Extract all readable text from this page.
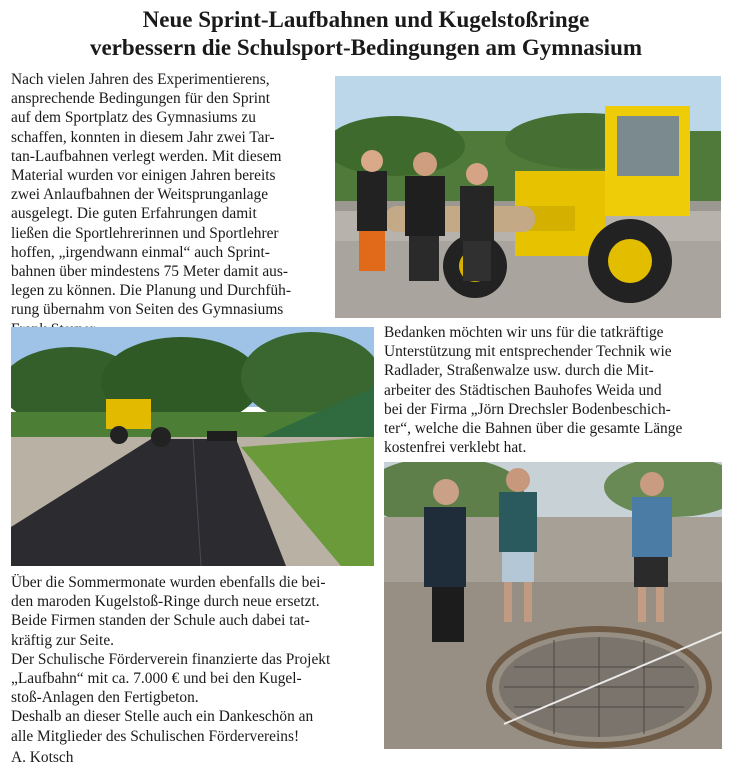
Neue Sprint-Laufbahnen und Kugelstoßringe
verbessern die Schulsport-Bedingungen am Gymnasium
Nach vielen Jahren des Experimentierens,
ansprechende Bedingungen für den Sprint
auf dem Sportplatz des Gymnasiums zu
schaffen, konnten in diesem Jahr zwei Tar-
tan-Laufbahnen verlegt werden. Mit diesem
Material wurden vor einigen Jahren bereits
zwei Anlaufbahnen der Weitsprunganlage
ausgelegt. Die guten Erfahrungen damit
ließen die Sportlehrerinnen und Sportlehrer
hoffen, „irgendwann einmal“ auch Sprint-
bahnen über mindestens 75 Meter damit aus-
legen zu können. Die Planung und Durchfüh-
rung übernahm von Seiten des Gymnasiums
Bedanken möchten wir uns für die tatkräftige
Unterstützung mit entsprechender Technik wie
Radlader, Straßenwalze usw. durch die Mit-
arbeiter des Städtischen Bauhofes Weida und
bei der Firma „Jörn Drechsler Bodenbeschich-
ter“, welche die Bahnen über die gesamte Länge
kostenfrei verklebt hat.
Über die Sommermonate wurden ebenfalls die bei-
den maroden Kugelstoß-Ringe durch neue ersetzt.
Beide Firmen standen der Schule auch dabei tat-
kräftig zur Seite.
Der Schulische Förderverein finanzierte das Projekt
„Laufbahn“ mit ca. 7.000 € und bei den Kugel-
stoß-Anlagen den Fertigbeton.
Deshalb an dieser Stelle auch ein Dankeschön an
alle Mitglieder des Schulischen Fördervereins!
A. Kotsch
